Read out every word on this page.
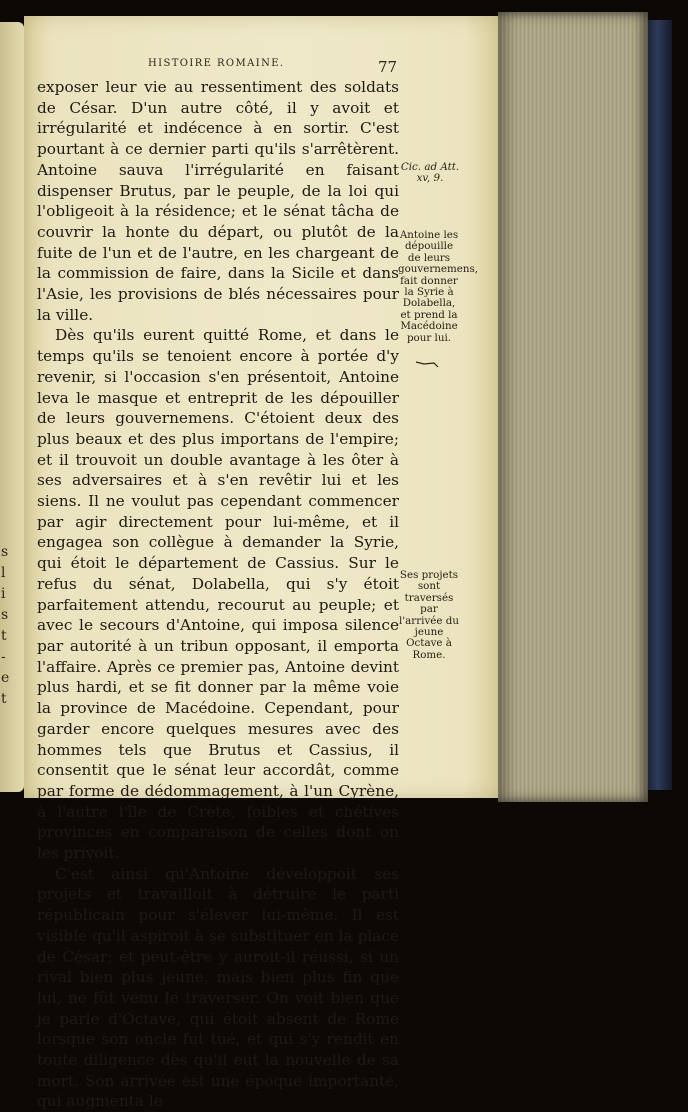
s
l
i
s
t
-
e
t
HISTOIRE ROMAINE.	77

exposer leur vie au ressentiment des soldats de César. D'un autre côté, il y avoit et irrégularité et indécence à en sortir. C'est pourtant à ce dernier parti qu'ils s'arrêtèrent. Antoine sauva l'irrégularité en faisant dispenser Brutus, par le peuple, de la loi qui l'obligeoit à la résidence; et le sénat tâcha de couvrir la honte du départ, ou plutôt de la fuite de l'un et de l'autre, en les chargeant de la commission de faire, dans la Sicile et dans l'Asie, les provisions de blés nécessaires pour la ville.

Dès qu'ils eurent quitté Rome, et dans le temps qu'ils se tenoient encore à portée d'y revenir, si l'occasion s'en présentoit, Antoine leva le masque et entreprit de les dépouiller de leurs gouvernemens. C'étoient deux des plus beaux et des plus importans de l'empire; et il trouvoit un double avantage à les ôter à ses adversaires et à s'en revêtir lui et les siens. Il ne voulut pas cependant commencer par agir directement pour lui-même, et il engagea son collègue à demander la Syrie, qui étoit le département de Cassius. Sur le refus du sénat, Dolabella, qui s'y étoit parfaitement attendu, recourut au peuple; et avec le secours d'Antoine, qui imposa silence par autorité à un tribun opposant, il emporta l'affaire. Après ce premier pas, Antoine devint plus hardi, et se fit donner par la même voie la province de Macédoine. Cependant, pour garder encore quelques mesures avec des hommes tels que Brutus et Cassius, il consentit que le sénat leur accordât, comme par forme de dédommagement, à l'un Cyrène, à l'autre l'île de Crète, foibles et chétives provinces en comparaison de celles dont on les privoit.

C'est ainsi qu'Antoine développoit ses projets et travailloit à détruire le parti républicain pour s'élever lui-même. Il est visible qu'il aspiroit à se substituer en la place de César; et peut-être y auroit-il réussi, si un rival bien plus jeune, mais bien plus fin que lui, ne fût venu le traverser. On voit bien que je parle d'Octave, qui étoit absent de Rome lorsque son oncle fut tué, et qui s'y rendit en toute diligence dès qu'il eut la nouvelle de sa mort. Son arrivée est une époque importante, qui augmenta le

Cic. ad Att. xv, 9.
Antoine les dépouille de leurs gouvernemens, fait donner la Syrie à Dolabella, et prend la Macédoine pour lui.
Ses projets sont traversés par l'arrivée du jeune Octave à Rome.
